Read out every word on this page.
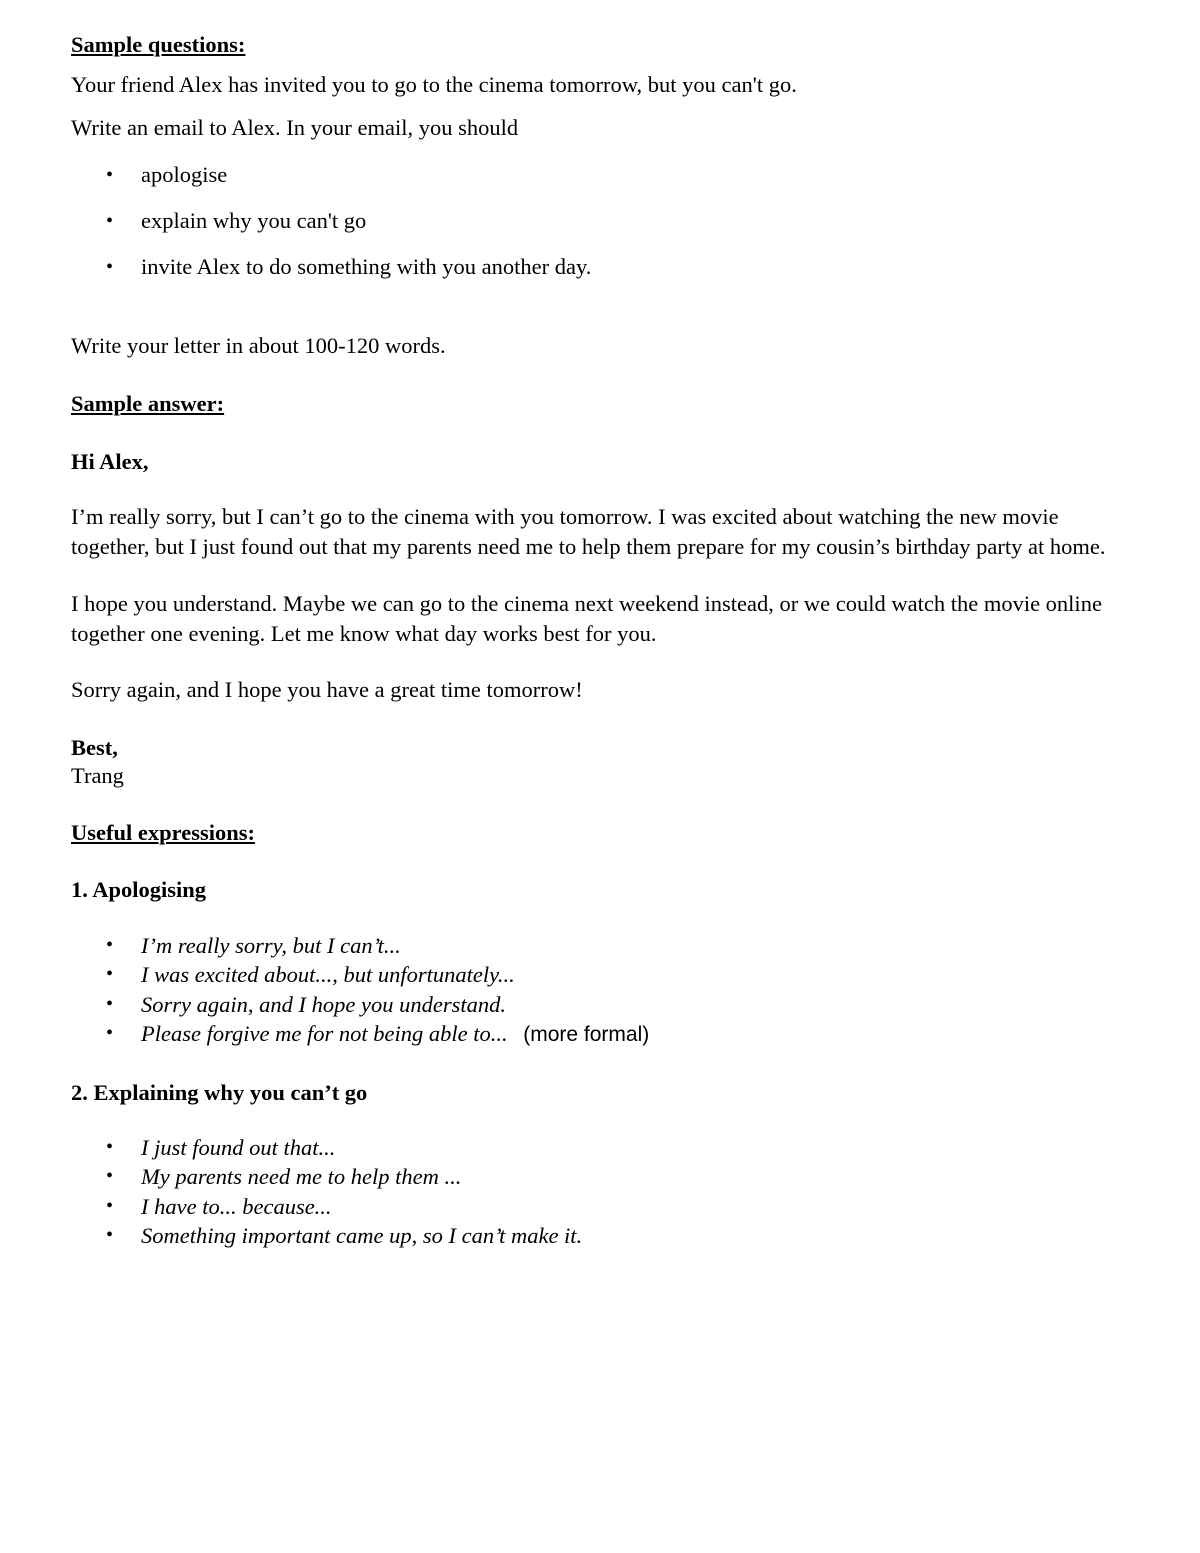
Sample questions:

Your friend Alex has invited you to go to the cinema tomorrow, but you can't go.

Write an email to Alex. In your email, you should

• apologise
• explain why you can't go
• invite Alex to do something with you another day.

Write your letter in about 100-120 words.

Sample answer:

Hi Alex,

I’m really sorry, but I can’t go to the cinema with you tomorrow. I was excited about watching the new movie together, but I just found out that my parents need me to help them prepare for my cousin’s birthday party at home.

I hope you understand. Maybe we can go to the cinema next weekend instead, or we could watch the movie online together one evening. Let me know what day works best for you.

Sorry again, and I hope you have a great time tomorrow!

Best,

Trang

Useful expressions:

1. Apologising

• I’m really sorry, but I can’t...
• I was excited about..., but unfortunately...
• Sorry again, and I hope you understand.
• Please forgive me for not being able to... (more formal)

2. Explaining why you can’t go

• I just found out that...
• My parents need me to help them ...
• I have to... because...
• Something important came up, so I can’t make it.
